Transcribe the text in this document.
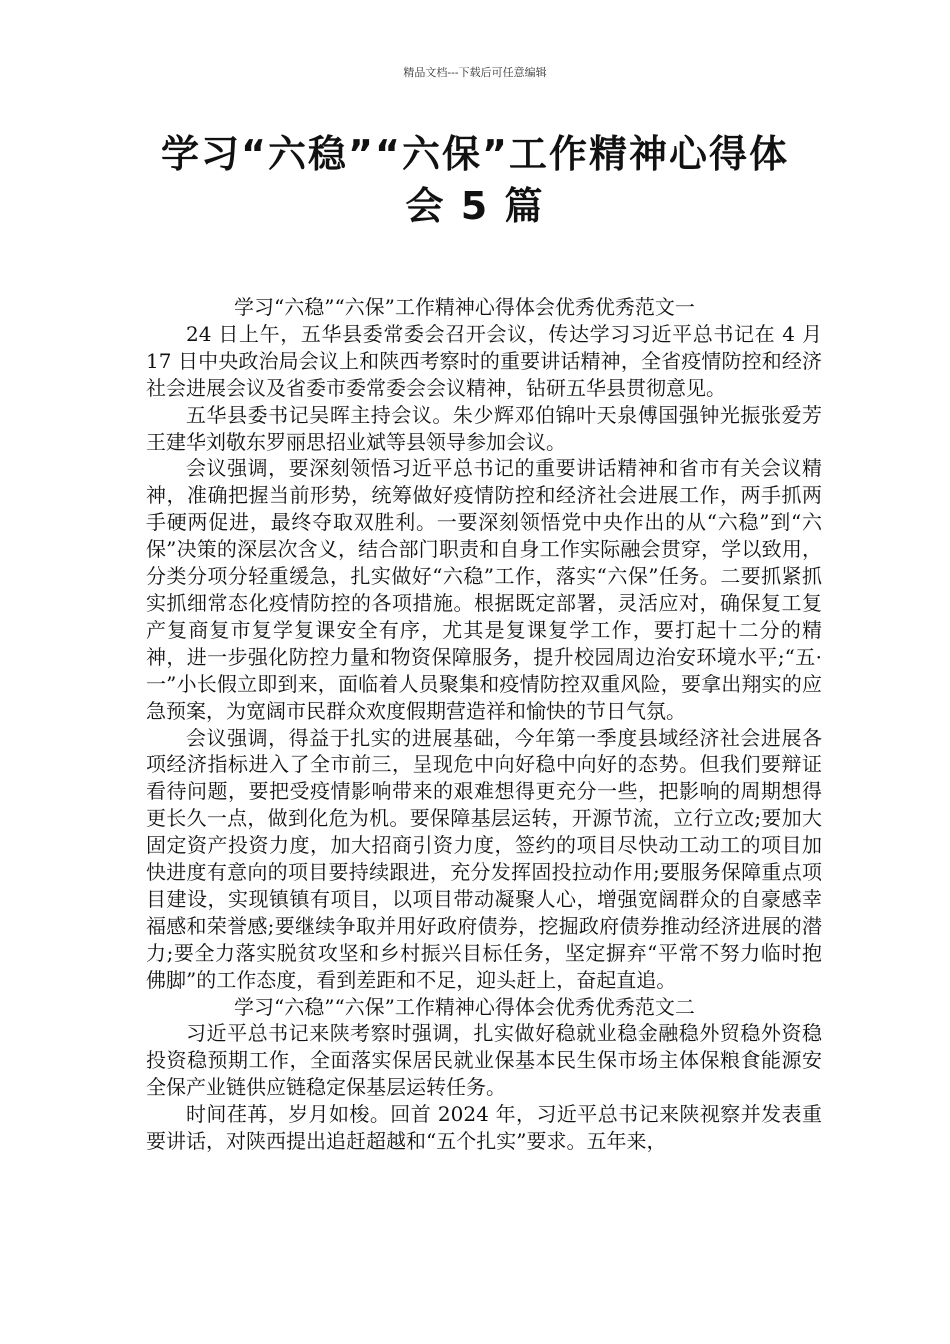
精品文档---下载后可任意编辑
学习“六稳”“六保”工作精神心得体
会 5 篇

学习“六稳”“六保”工作精神心得体会优秀优秀范文一

24 日上午，五华县委常委会召开会议，传达学习习近平总书记在 4 月 17 日中央政治局会议上和陕西考察时的重要讲话精神，全省疫情防控和经济社会进展会议及省委市委常委会会议精神，钻研五华县贯彻意见。

五华县委书记吴晖主持会议。朱少辉邓伯锦叶天泉傅国强钟光振张爱芳王建华刘敬东罗丽思招业斌等县领导参加会议。

会议强调，要深刻领悟习近平总书记的重要讲话精神和省市有关会议精神，准确把握当前形势，统筹做好疫情防控和经济社会进展工作，两手抓两手硬两促进，最终夺取双胜利。一要深刻领悟党中央作出的从“六稳”到“六保”决策的深层次含义，结合部门职责和自身工作实际融会贯穿，学以致用，分类分项分轻重缓急，扎实做好“六稳”工作，落实“六保”任务。二要抓紧抓实抓细常态化疫情防控的各项措施。根据既定部署，灵活应对，确保复工复产复商复市复学复课安全有序，尤其是复课复学工作，要打起十二分的精神，进一步强化防控力量和物资保障服务，提升校园周边治安环境水平;“五·一”小长假立即到来，面临着人员聚集和疫情防控双重风险，要拿出翔实的应急预案，为宽阔市民群众欢度假期营造祥和愉快的节日气氛。

会议强调，得益于扎实的进展基础，今年第一季度县域经济社会进展各项经济指标进入了全市前三，呈现危中向好稳中向好的态势。但我们要辩证看待问题，要把受疫情影响带来的艰难想得更充分一些，把影响的周期想得更长久一点，做到化危为机。要保障基层运转，开源节流，立行立改;要加大固定资产投资力度，加大招商引资力度，签约的项目尽快动工动工的项目加快进度有意向的项目要持续跟进，充分发挥固投拉动作用;要服务保障重点项目建设，实现镇镇有项目，以项目带动凝聚人心，增强宽阔群众的自豪感幸福感和荣誉感;要继续争取并用好政府债券，挖掘政府债券推动经济进展的潜力;要全力落实脱贫攻坚和乡村振兴目标任务，坚定摒弃“平常不努力临时抱佛脚”的工作态度，看到差距和不足，迎头赶上，奋起直追。

学习“六稳”“六保”工作精神心得体会优秀优秀范文二

习近平总书记来陕考察时强调，扎实做好稳就业稳金融稳外贸稳外资稳投资稳预期工作，全面落实保居民就业保基本民生保市场主体保粮食能源安全保产业链供应链稳定保基层运转任务。

时间荏苒，岁月如梭。回首 2024 年，习近平总书记来陕视察并发表重要讲话，对陕西提出追赶超越和“五个扎实”要求。五年来，
